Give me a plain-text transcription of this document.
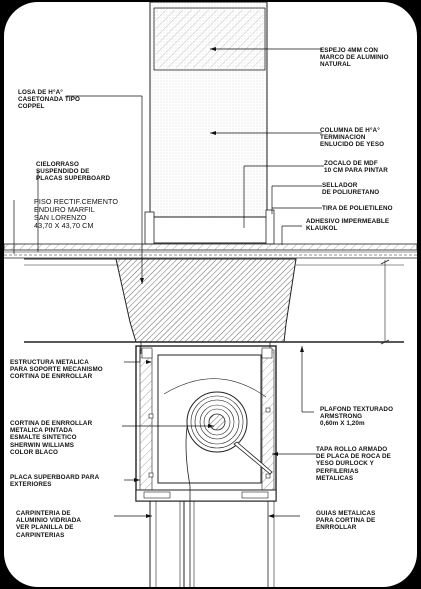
ESPEJO 4MM CON
MARCO DE ALUMINIO
NATURAL
LOSA DE H°A°
CASETONADA TIPO
COPPEL
COLUMNA DE H°A°
TERMINACION
ENLUCIDO DE YESO
CIELORRASO
SUSPENDIDO DE
PLACAS SUPERBOARD
ZOCALO DE MDF
10 CM PARA PINTAR
SELLADOR
DE POLIURETANO
TIRA DE POLIETILENO
ADHESIVO IMPERMEABLE
KLAUKOL
PISO RECTIF.CEMENTO
ENDURO MARFIL
SAN LORENZO
43,70 X 43,70 CM
ESTRUCTURA METALICA
PARA SOPORTE MECANISMO
CORTINA DE ENRROLLAR
PLAFOND TEXTURADO
ARMSTRONG
0,60m X 1,20m
CORTINA DE ENRROLLAR
METALICA PINTADA
ESMALTE SINTETICO
SHERWIN WILLIAMS
COLOR BLACO	TAPA ROLLO ARMADO
DE PLACA DE ROCA DE
YESO DURLOCK Y
PERFILERIAS
METALICAS
PLACA SUPERBOARD PARA
EXTERIORES
CARPINTERIA DE
ALUMINIO VIDRIADA
VER PLANILLA DE
CARPINTERIAS
GUIAS METALICAS
PARA CORTINA DE
ENRROLLAR
